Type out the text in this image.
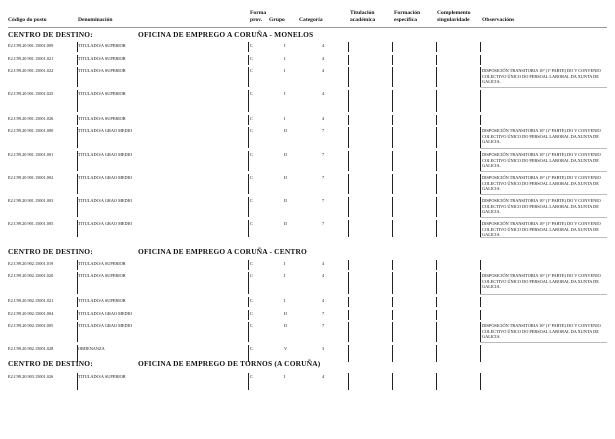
Código do posto	Denominación
Forma prov.	Grupo	Categoría
Titulación académica
Formación específica
Complemento singularidade	Observacións
CENTRO DE DESTINO:	OFICINA DE EMPREGO A CORUÑA - MONELOS
E2.C99.20.901.15001.009	TITULADO/A SUPERIOR	C	I	4
E2.C99.20.901.15001.021	TITULADO/A SUPERIOR	C	I	4
E2.C99.20.901.15001.022	TITULADO/A SUPERIOR	C	I	4	DISPOSICIÓN TRANSITORIA 10ª (1ª PARTE) DO V CONVENIO COLECTIVO ÚNICO DO PERSOAL LABORAL DA XUNTA DE GALICIA.
E2.C99.20.901.15001.025	TITULADO/A SUPERIOR	C	I	4
E2.C99.20.901.15001.026	TITULADO/A SUPERIOR	C	I	4
E2.C99.20.901.15001.000	TITULADO/A GRAO MEDIO	C	II	7	DISPOSICIÓN TRANSITORIA 10ª (1ª PARTE) DO V CONVENIO COLECTIVO ÚNICO DO PERSOAL LABORAL DA XUNTA DE GALICIA.
E2.C99.20.901.15001.001	TITULADO/A GRAO MEDIO	C	II	7	DISPOSICIÓN TRANSITORIA 10ª (1ª PARTE) DO V CONVENIO COLECTIVO ÚNICO DO PERSOAL LABORAL DA XUNTA DE GALICIA.
E2.C99.20.901.15001.002	TITULADO/A GRAO MEDIO	C	II	7	DISPOSICIÓN TRANSITORIA 10ª (1ª PARTE) DO V CONVENIO COLECTIVO ÚNICO DO PERSOAL LABORAL DA XUNTA DE GALICIA.
E2.C99.20.901.15001.003	TITULADO/A GRAO MEDIO	C	II	7	DISPOSICIÓN TRANSITORIA 10ª (1ª PARTE) DO V CONVENIO COLECTIVO ÚNICO DO PERSOAL LABORAL DA XUNTA DE GALICIA.
E2.C99.20.901.15001.005	TITULADO/A GRAO MEDIO	C	II	7	DISPOSICIÓN TRANSITORIA 10ª (1ª PARTE) DO V CONVENIO COLECTIVO ÚNICO DO PERSOAL LABORAL DA XUNTA DE GALICIA.
CENTRO DE DESTINO:	OFICINA DE EMPREGO A CORUÑA - CENTRO
E2.C99.20.902.15001.019	TITULADO/A SUPERIOR	C	I	4
E2.C99.20.902.15001.020	TITULADO/A SUPERIOR	C	I	4	DISPOSICIÓN TRANSITORIA 10ª (1ª PARTE) DO V CONVENIO COLECTIVO ÚNICO DO PERSOAL LABORAL DA XUNTA DE GALICIA.
E2.C99.20.902.15001.021	TITULADO/A SUPERIOR	C	I	4
E2.C99.20.902.15001.004	TITULADO/A GRAO MEDIO	C	II	7
E2.C99.20.902.15001.005	TITULADO/A GRAO MEDIO	C	II	7	DISPOSICIÓN TRANSITORIA 10ª (1ª PARTE) DO V CONVENIO COLECTIVO ÚNICO DO PERSOAL LABORAL DA XUNTA DE GALICIA.
E2.C99.20.902.15001.028	ORDENANZA	C	V	3
CENTRO DE DESTINO:	OFICINA DE EMPREGO DE TORNOS (A CORUÑA)
E2.C99.20.903.15001.026	TITULADO/A SUPERIOR	C	I	4
